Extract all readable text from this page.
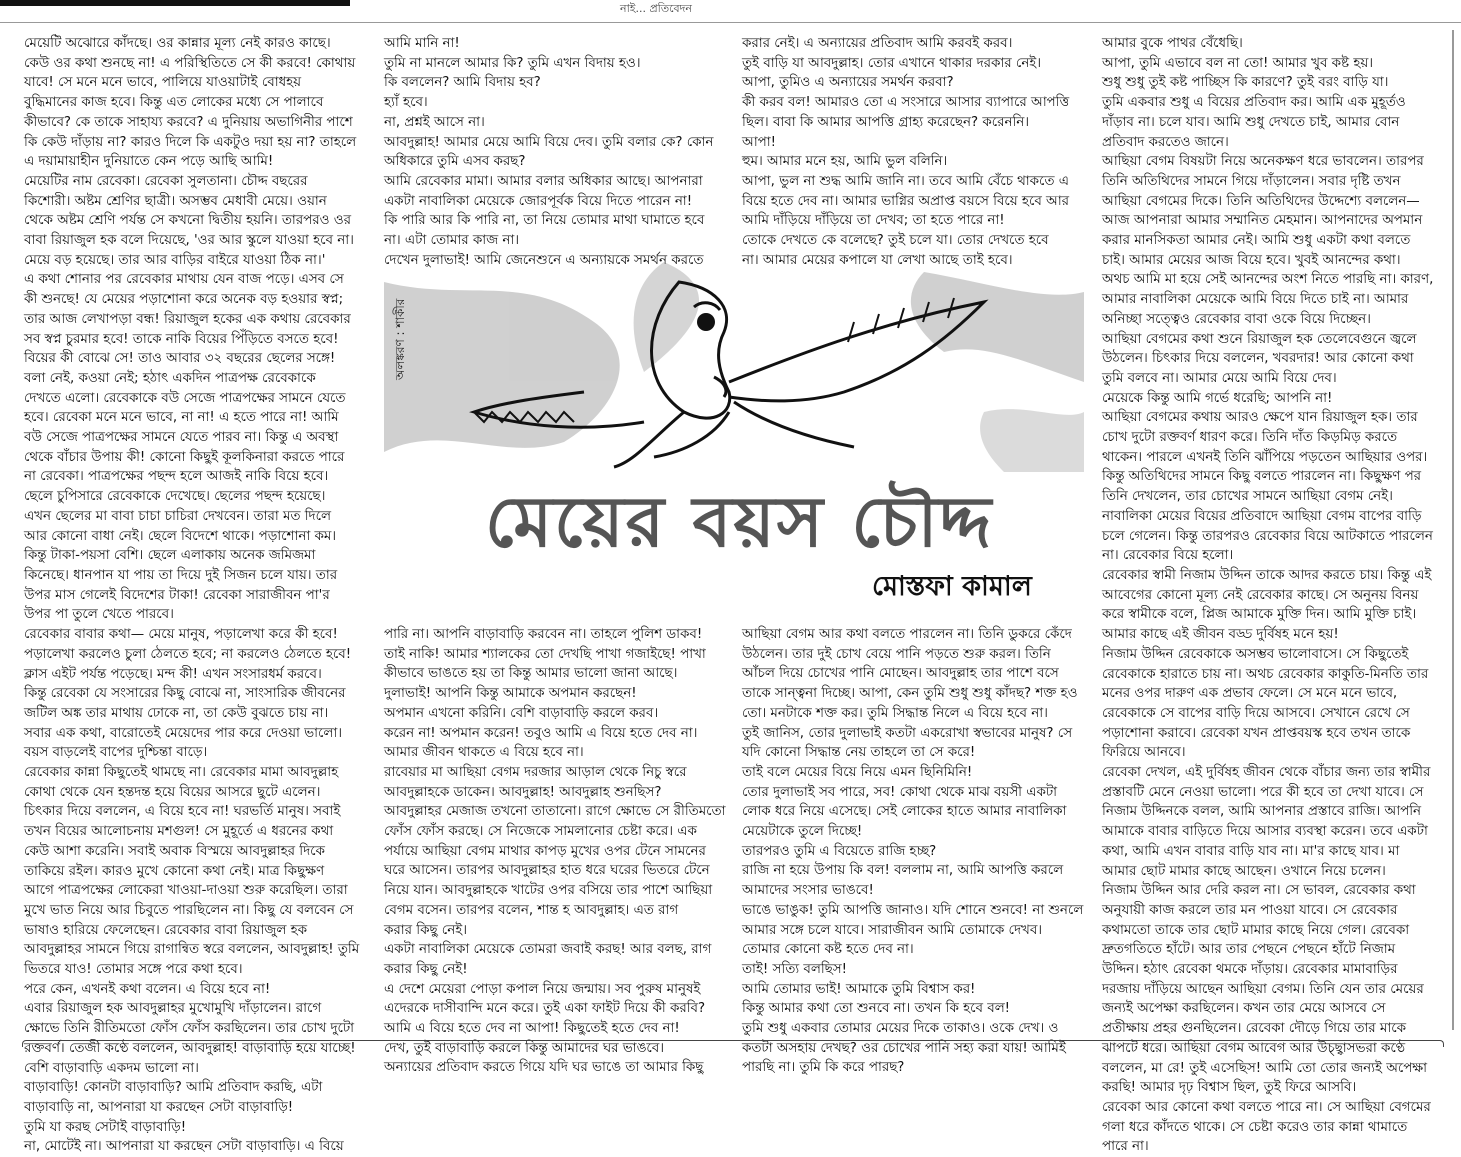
নাই... প্রতিবেদন
মেয়েটি অঝোরে কাঁদছে। ওর কান্নার মূল্য নেই কারও কাছে।
কেউ ওর কথা শুনছে না! এ পরিস্থিতিতে সে কী করবে! কোথায়
যাবে! সে মনে মনে ভাবে, পালিয়ে যাওয়াটাই বোধহয়
বুদ্ধিমানের কাজ হবে। কিন্তু এত লোকের মধ্যে সে পালাবে
কীভাবে? কে তাকে সাহায্য করবে? এ দুনিয়ায় অভাগিনীর পাশে
কি কেউ দাঁড়ায় না? কারও দিলে কি একটুও দয়া হয় না? তাহলে
এ দয়ামায়াহীন দুনিয়াতে কেন পড়ে আছি আমি!
মেয়েটির নাম রেবেকা। রেবেকা সুলতানা। চৌদ্দ বছরের
কিশোরী। অষ্টম শ্রেণির ছাত্রী। অসম্ভব মেধাবী মেয়ে। ওয়ান
থেকে অষ্টম শ্রেণি পর্যন্ত সে কখনো দ্বিতীয় হয়নি। তারপরও ওর
বাবা রিয়াজুল হক বলে দিয়েছে, 'ওর আর স্কুলে যাওয়া হবে না।
মেয়ে বড় হয়েছে। তার আর বাড়ির বাইরে যাওয়া ঠিক না।'
এ কথা শোনার পর রেবেকার মাথায় যেন বাজ পড়ে। এসব সে
কী শুনছে! যে মেয়ের পড়াশোনা করে অনেক বড় হওয়ার স্বপ্ন;
তার আজ লেখাপড়া বন্ধ! রিয়াজুল হকের এক কথায় রেবেকার
সব স্বপ্ন চুরমার হবে! তাকে নাকি বিয়ের পিঁড়িতে বসতে হবে!
বিয়ের কী বোঝে সে! তাও আবার ৩২ বছরের ছেলের সঙ্গে!
বলা নেই, কওয়া নেই; হঠাৎ একদিন পাত্রপক্ষ রেবেকাকে
দেখতে এলো। রেবেকাকে বউ সেজে পাত্রপক্ষের সামনে যেতে
হবে। রেবেকা মনে মনে ভাবে, না না! এ হতে পারে না! আমি
বউ সেজে পাত্রপক্ষের সামনে যেতে পারব না। কিন্তু এ অবস্থা
থেকে বাঁচার উপায় কী! কোনো কিছুই কূলকিনারা করতে পারে
না রেবেকা। পাত্রপক্ষের পছন্দ হলে আজই নাকি বিয়ে হবে।
ছেলে চুপিসারে রেবেকাকে দেখেছে। ছেলের পছন্দ হয়েছে।
এখন ছেলের মা বাবা চাচা চাচিরা দেখবেন। তারা মত দিলে
আর কোনো বাধা নেই। ছেলে বিদেশে থাকে। পড়াশোনা কম।
কিন্তু টাকা-পয়সা বেশি। ছেলে এলাকায় অনেক জমিজমা
কিনেছে। ধানপান যা পায় তা দিয়ে দুই সিজন চলে যায়। তার
উপর মাস গেলেই বিদেশের টাকা! রেবেকা সারাজীবন পা'র
উপর পা তুলে খেতে পারবে।
রেবেকার বাবার কথা— মেয়ে মানুষ, পড়ালেখা করে কী হবে!
পড়ালেখা করলেও চুলা ঠেলতে হবে; না করলেও ঠেলতে হবে!
ক্লাস এইট পর্যন্ত পড়েছে। মন্দ কী! এখন সংসারধর্ম করবে।
কিন্তু রেবেকা যে সংসারের কিছু বোঝে না, সাংসারিক জীবনের
জটিল অঙ্ক তার মাথায় ঢোকে না, তা কেউ বুঝতে চায় না।
সবার এক কথা, বারোতেই মেয়েদের পার করে দেওয়া ভালো।
বয়স বাড়লেই বাপের দুশ্চিন্তা বাড়ে।
রেবেকার কান্না কিছুতেই থামছে না। রেবেকার মামা আবদুল্লাহ
কোথা থেকে যেন হন্তদন্ত হয়ে বিয়ের আসরে ছুটে এলেন।
চিৎকার দিয়ে বললেন, এ বিয়ে হবে না! ঘরভর্তি মানুষ। সবাই
তখন বিয়ের আলোচনায় মশগুল! সে মুহূর্তে এ ধরনের কথা
কেউ আশা করেনি। সবাই অবাক বিস্ময়ে আবদুল্লাহর দিকে
তাকিয়ে রইল। কারও মুখে কোনো কথা নেই। মাত্র কিছুক্ষণ
আগে পাত্রপক্ষের লোকেরা খাওয়া-দাওয়া শুরু করেছিল। তারা
মুখে ভাত নিয়ে আর চিবুতে পারছিলেন না। কিছু যে বলবেন সে
ভাষাও হারিয়ে ফেলেছেন। রেবেকার বাবা রিয়াজুল হক
আবদুল্লাহর সামনে গিয়ে রাগান্বিত স্বরে বললেন, আবদুল্লাহ! তুমি
ভিতরে যাও! তোমার সঙ্গে পরে কথা হবে।
পরে কেন, এখনই কথা বলেন। এ বিয়ে হবে না!
এবার রিয়াজুল হক আবদুল্লাহর মুখোমুখি দাঁড়ালেন। রাগে
ক্ষোভে তিনি রীতিমতো ফোঁস ফোঁস করছিলেন। তার চোখ দুটো
রক্তবর্ণ। তেজী কণ্ঠে বললেন, আবদুল্লাহ! বাড়াবাড়ি হয়ে যাচ্ছে!
বেশি বাড়াবাড়ি একদম ভালো না।
বাড়াবাড়ি! কোনটা বাড়াবাড়ি? আমি প্রতিবাদ করছি, এটা
বাড়াবাড়ি না, আপনারা যা করছেন সেটা বাড়াবাড়ি!
তুমি যা করছ সেটাই বাড়াবাড়ি!
না, মোটেই না। আপনারা যা করছেন সেটা বাড়াবাড়ি। এ বিয়ে
আমি মানি না!
তুমি না মানলে আমার কি? তুমি এখন বিদায় হও।
কি বললেন? আমি বিদায় হব?
হ্যাঁ হবে।
না, প্রশ্নই আসে না।
আবদুল্লাহ! আমার মেয়ে আমি বিয়ে দেব। তুমি বলার কে? কোন
অধিকারে তুমি এসব করছ?
আমি রেবেকার মামা। আমার বলার অধিকার আছে। আপনারা
একটা নাবালিকা মেয়েকে জোরপূর্বক বিয়ে দিতে পারেন না!
কি পারি আর কি পারি না, তা নিয়ে তোমার মাথা ঘামাতে হবে
না। এটা তোমার কাজ না।
দেখেন দুলাভাই! আমি জেনেশুনে এ অন্যায়কে সমর্থন করতে
করার নেই। এ অন্যায়ের প্রতিবাদ আমি করবই করব।
তুই বাড়ি যা আবদুল্লাহ। তোর এখানে থাকার দরকার নেই।
আপা, তুমিও এ অন্যায়ের সমর্থন করবা?
কী করব বল! আমারও তো এ সংসারে আসার ব্যাপারে আপত্তি
ছিল। বাবা কি আমার আপত্তি গ্রাহ্য করেছেন? করেননি।
আপা!
হুম। আমার মনে হয়, আমি ভুল বলিনি।
আপা, ভুল না শুদ্ধ আমি জানি না। তবে আমি বেঁচে থাকতে এ
বিয়ে হতে দেব না। আমার ভাগ্নির অপ্রাপ্ত বয়সে বিয়ে হবে আর
আমি দাঁড়িয়ে দাঁড়িয়ে তা দেখব; তা হতে পারে না!
তোকে দেখতে কে বলেছে? তুই চলে যা। তোর দেখতে হবে
না। আমার মেয়ের কপালে যা লেখা আছে তাই হবে।
আমার বুকে পাথর বেঁধেছি।
আপা, তুমি এভাবে বল না তো! আমার খুব কষ্ট হয়।
শুধু শুধু তুই কষ্ট পাচ্ছিস কি কারণে? তুই বরং বাড়ি যা।
তুমি একবার শুধু এ বিয়ের প্রতিবাদ কর। আমি এক মুহূর্তও
দাঁড়াব না। চলে যাব। আমি শুধু দেখতে চাই, আমার বোন
প্রতিবাদ করতেও জানে।
আছিয়া বেগম বিষয়টা নিয়ে অনেকক্ষণ ধরে ভাবলেন। তারপর
তিনি অতিথিদের সামনে গিয়ে দাঁড়ালেন। সবার দৃষ্টি তখন
আছিয়া বেগমের দিকে। তিনি অতিথিদের উদ্দেশ্যে বললেন—
আজ আপনারা আমার সম্মানিত মেহমান। আপনাদের অপমান
করার মানসিকতা আমার নেই। আমি শুধু একটা কথা বলতে
চাই। আমার মেয়ের আজ বিয়ে হবে। খুবই আনন্দের কথা।
অথচ আমি মা হয়ে সেই আনন্দের অংশ নিতে পারছি না। কারণ,
আমার নাবালিকা মেয়েকে আমি বিয়ে দিতে চাই না। আমার
অনিচ্ছা সত্ত্বেও রেবেকার বাবা ওকে বিয়ে দিচ্ছেন।
আছিয়া বেগমের কথা শুনে রিয়াজুল হক তেলেবেগুনে জ্বলে
উঠলেন। চিৎকার দিয়ে বললেন, খবরদার! আর কোনো কথা
তুমি বলবে না। আমার মেয়ে আমি বিয়ে দেব।
মেয়েকে কিন্তু আমি গর্ভে ধরেছি; আপনি না!
আছিয়া বেগমের কথায় আরও ক্ষেপে যান রিয়াজুল হক। তার
চোখ দুটো রক্তবর্ণ ধারণ করে। তিনি দাঁত কিড়মিড় করতে
থাকেন। পারলে এখনই তিনি ঝাঁপিয়ে পড়তেন আছিয়ার ওপর।
কিন্তু অতিথিদের সামনে কিছু বলতে পারলেন না। কিছুক্ষণ পর
তিনি দেখলেন, তার চোখের সামনে আছিয়া বেগম নেই।
নাবালিকা মেয়ের বিয়ের প্রতিবাদে আছিয়া বেগম বাপের বাড়ি
চলে গেলেন। কিন্তু তারপরও রেবেকার বিয়ে আটকাতে পারলেন
না। রেবেকার বিয়ে হলো।
রেবেকার স্বামী নিজাম উদ্দিন তাকে আদর করতে চায়। কিন্তু এই
আবেগের কোনো মূল্য নেই রেবেকার কাছে। সে অনুনয় বিনয়
করে স্বামীকে বলে, প্লিজ আমাকে মুক্তি দিন। আমি মুক্তি চাই।
আমার কাছে এই জীবন বড্ড দুর্বিষহ মনে হয়!
নিজাম উদ্দিন রেবেকাকে অসম্ভব ভালোবাসে। সে কিছুতেই
রেবেকাকে হারাতে চায় না। অথচ রেবেকার কাকুতি-মিনতি তার
মনের ওপর দারুণ এক প্রভাব ফেলে। সে মনে মনে ভাবে,
রেবেকাকে সে বাপের বাড়ি দিয়ে আসবে। সেখানে রেখে সে
পড়াশোনা করাবে। রেবেকা যখন প্রাপ্তবয়স্ক হবে তখন তাকে
ফিরিয়ে আনবে।
রেবেকা দেখল, এই দুর্বিষহ জীবন থেকে বাঁচার জন্য তার স্বামীর
প্রস্তাবটি মেনে নেওয়া ভালো। পরে কী হবে তা দেখা যাবে। সে
নিজাম উদ্দিনকে বলল, আমি আপনার প্রস্তাবে রাজি। আপনি
আমাকে বাবার বাড়িতে দিয়ে আসার ব্যবস্থা করেন। তবে একটা
কথা, আমি এখন বাবার বাড়ি যাব না। মা'র কাছে যাব। মা
আমার ছোট মামার কাছে আছেন। ওখানে নিয়ে চলেন।
নিজাম উদ্দিন আর দেরি করল না। সে ভাবল, রেবেকার কথা
অনুযায়ী কাজ করলে তার মন পাওয়া যাবে। সে রেবেকার
কথামতো তাকে তার ছোট মামার কাছে নিয়ে গেল। রেবেকা
দ্রুতগতিতে হাঁটে। আর তার পেছনে পেছনে হাঁটে নিজাম
উদ্দিন। হঠাৎ রেবেকা থমকে দাঁড়ায়। রেবেকার মামাবাড়ির
দরজায় দাঁড়িয়ে আছেন আছিয়া বেগম। তিনি যেন তার মেয়ের
জন্যই অপেক্ষা করছিলেন। কখন তার মেয়ে আসবে সে
প্রতীক্ষায় প্রহর গুনছিলেন। রেবেকা দৌড়ে গিয়ে তার মাকে
ঝাপটে ধরে। আছিয়া বেগম আবেগ আর উচ্ছ্বাসভরা কণ্ঠে
বললেন, মা রে! তুই এসেছিস! আমি তো তোর জন্যই অপেক্ষা
করছি! আমার দৃঢ় বিশ্বাস ছিল, তুই ফিরে আসবি।
রেবেকা আর কোনো কথা বলতে পারে না। সে আছিয়া বেগমের
গলা ধরে কাঁদতে থাকে। সে চেষ্টা করেও তার কান্না থামাতে
পারে না।
অলঙ্করণ : শাকীর
মেয়ের বয়স চৌদ্দ
মোস্তফা কামাল
পারি না। আপনি বাড়াবাড়ি করবেন না। তাহলে পুলিশ ডাকব!
তাই নাকি! আমার শ্যালকের তো দেখছি পাখা গজাইছে! পাখা
কীভাবে ভাঙতে হয় তা কিন্তু আমার ভালো জানা আছে।
দুলাভাই! আপনি কিন্তু আমাকে অপমান করছেন!
অপমান এখনো করিনি। বেশি বাড়াবাড়ি করলে করব।
করেন না! অপমান করেন! তবুও আমি এ বিয়ে হতে দেব না।
আমার জীবন থাকতে এ বিয়ে হবে না।
রাবেয়ার মা আছিয়া বেগম দরজার আড়াল থেকে নিচু স্বরে
আবদুল্লাহকে ডাকেন। আবদুল্লাহ! আবদুল্লাহ শুনছিস?
আবদুল্লাহর মেজাজ তখনো তাতানো। রাগে ক্ষোভে সে রীতিমতো
ফোঁস ফোঁস করছে। সে নিজেকে সামলানোর চেষ্টা করে। এক
পর্যায়ে আছিয়া বেগম মাথার কাপড় মুখের ওপর টেনে সামনের
ঘরে আসেন। তারপর আবদুল্লাহর হাত ধরে ঘরের ভিতরে টেনে
নিয়ে যান। আবদুল্লাহকে খাটের ওপর বসিয়ে তার পাশে আছিয়া
বেগম বসেন। তারপর বলেন, শান্ত হ আবদুল্লাহ। এত রাগ
করার কিছু নেই।
একটা নাবালিকা মেয়েকে তোমরা জবাই করছ! আর বলছ, রাগ
করার কিছু নেই!
এ দেশে মেয়েরা পোড়া কপাল নিয়ে জন্মায়। সব পুরুষ মানুষই
এদেরকে দাসীবান্দি মনে করে। তুই একা ফাইট দিয়ে কী করবি?
আমি এ বিয়ে হতে দেব না আপা! কিছুতেই হতে দেব না!
দেখ, তুই বাড়াবাড়ি করলে কিন্তু আমাদের ঘর ভাঙবে।
অন্যায়ের প্রতিবাদ করতে গিয়ে যদি ঘর ভাঙে তা আমার কিছু
আছিয়া বেগম আর কথা বলতে পারলেন না। তিনি ডুকরে কেঁদে
উঠলেন। তার দুই চোখ বেয়ে পানি পড়তে শুরু করল। তিনি
আঁচল দিয়ে চোখের পানি মোছেন। আবদুল্লাহ তার পাশে বসে
তাকে সান্ত্বনা দিচ্ছে। আপা, কেন তুমি শুধু শুধু কাঁদছ? শক্ত হও
তো। মনটাকে শক্ত কর। তুমি সিদ্ধান্ত নিলে এ বিয়ে হবে না।
তুই জানিস, তোর দুলাভাই কতটা একরোখা স্বভাবের মানুষ? সে
যদি কোনো সিদ্ধান্ত নেয় তাহলে তা সে করে!
তাই বলে মেয়ের বিয়ে নিয়ে এমন ছিনিমিনি!
তোর দুলাভাই সব পারে, সব! কোথা থেকে মাঝ বয়সী একটা
লোক ধরে নিয়ে এসেছে। সেই লোকের হাতে আমার নাবালিকা
মেয়েটাকে তুলে দিচ্ছে!
তারপরও তুমি এ বিয়েতে রাজি হচ্ছ?
রাজি না হয়ে উপায় কি বল! বললাম না, আমি আপত্তি করলে
আমাদের সংসার ভাঙবে!
ভাঙে ভাঙুক! তুমি আপত্তি জানাও। যদি শোনে শুনবে! না শুনলে
আমার সঙ্গে চলে যাবে। সারাজীবন আমি তোমাকে দেখব।
তোমার কোনো কষ্ট হতে দেব না।
তাই! সত্যি বলছিস!
আমি তোমার ভাই! আমাকে তুমি বিশ্বাস কর!
কিন্তু আমার কথা তো শুনবে না। তখন কি হবে বল!
তুমি শুধু একবার তোমার মেয়ের দিকে তাকাও। ওকে দেখ। ও
কতটা অসহায় দেখছ? ওর চোখের পানি সহ্য করা যায়! আমিই
পারছি না। তুমি কি করে পারছ?
